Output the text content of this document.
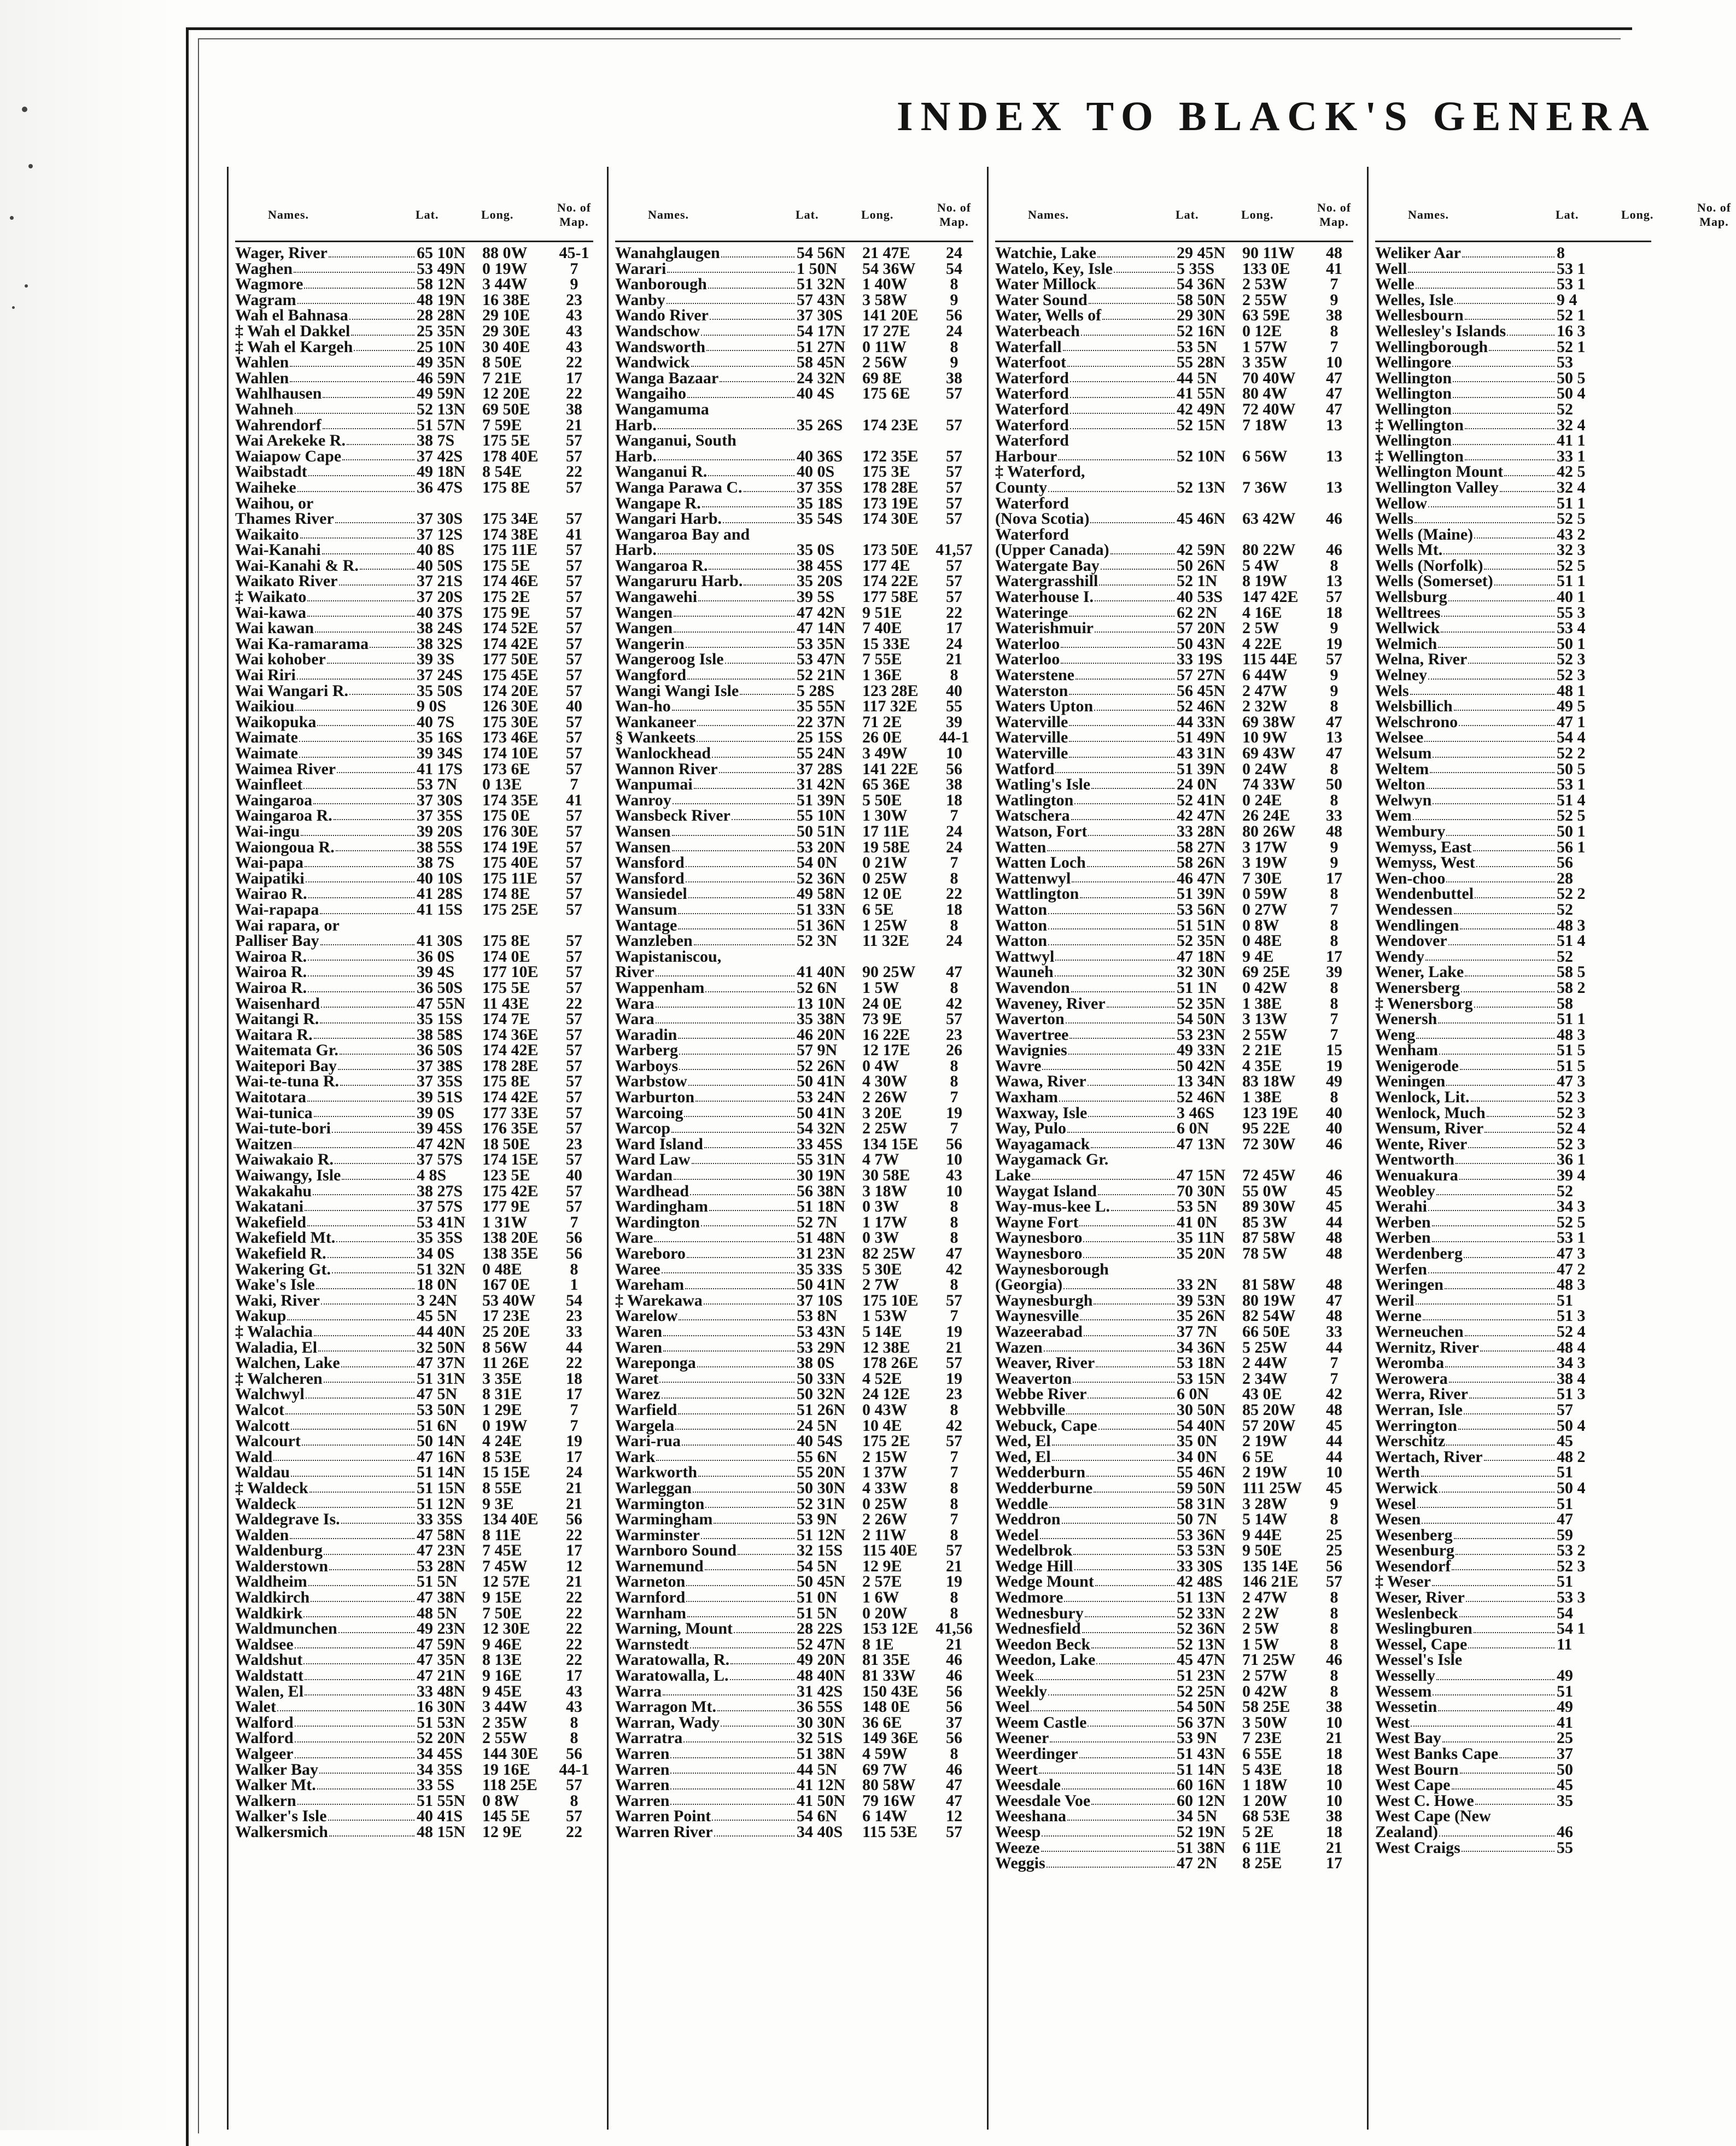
INDEX TO BLACK'S GENERA
Names.	Lat.	Long.
No. of Map.
Wager, River	65 10N	88 0W	45-1
Waghen	53 49N	0 19W	7
Wagmore	58 12N	3 44W	9
Wagram	48 19N	16 38E	23
Wah el Bahnasa	28 28N	29 10E	43
‡ Wah el Dakkel	25 35N	29 30E	43
‡ Wah el Kargeh	25 10N	30 40E	43
Wahlen	49 35N	8 50E	22
Wahlen	46 59N	7 21E	17
Wahlhausen	49 59N	12 20E	22
Wahneh	52 13N	69 50E	38
Wahrendorf	51 57N	7 59E	21
Wai Arekeke R.	38 7S	175 5E	57
Waiapow Cape	37 42S	178 40E	57
Waibstadt	49 18N	8 54E	22
Waiheke	36 47S	175 8E	57
Waihou, or
Thames River	37 30S	175 34E	57
Waikaito	37 12S	174 38E	41
Wai-Kanahi	40 8S	175 11E	57
Wai-Kanahi & R.	40 50S	175 5E	57
Waikato River	37 21S	174 46E	57
‡ Waikato	37 20S	175 2E	57
Wai-kawa	40 37S	175 9E	57
Wai kawan	38 24S	174 52E	57
Wai Ka-ramarama	38 32S	174 42E	57
Wai kohober	39 3S	177 50E	57
Wai Riri	37 24S	175 45E	57
Wai Wangari R.	35 50S	174 20E	57
Waikiou	9 0S	126 30E	40
Waikopuka	40 7S	175 30E	57
Waimate	35 16S	173 46E	57
Waimate	39 34S	174 10E	57
Waimea River	41 17S	173 6E	57
Wainfleet	53 7N	0 13E	7
Waingaroa	37 30S	174 35E	41
Waingaroa R.	37 35S	175 0E	57
Wai-ingu	39 20S	176 30E	57
Waiongoua R.	38 55S	174 19E	57
Wai-papa	38 7S	175 40E	57
Waipatiki	40 10S	175 11E	57
Wairao R.	41 28S	174 8E	57
Wai-rapapa	41 15S	175 25E	57
Wai rapara, or
Palliser Bay	41 30S	175 8E	57
Wairoa R.	36 0S	174 0E	57
Wairoa R.	39 4S	177 10E	57
Wairoa R.	36 50S	175 5E	57
Waisenhard	47 55N	11 43E	22
Waitangi R.	35 15S	174 7E	57
Waitara R.	38 58S	174 36E	57
Waitemata Gr.	36 50S	174 42E	57
Waitepori Bay	37 38S	178 28E	57
Wai-te-tuna R.	37 35S	175 8E	57
Waitotara	39 51S	174 42E	57
Wai-tunica	39 0S	177 33E	57
Wai-tute-bori	39 45S	176 35E	57
Waitzen	47 42N	18 50E	23
Waiwakaio R.	37 57S	174 15E	57
Waiwangy, Isle	4 8S	123 5E	40
Wakakahu	38 27S	175 42E	57
Wakatani	37 57S	177 9E	57
Wakefield	53 41N	1 31W	7
Wakefield Mt.	35 35S	138 20E	56
Wakefield R.	34 0S	138 35E	56
Wakering Gt.	51 32N	0 48E	8
Wake's Isle	18 0N	167 0E	1
Waki, River	3 24N	53 40W	54
Wakup	45 5N	17 23E	23
‡ Walachia	44 40N	25 20E	33
Waladia, El	32 50N	8 56W	44
Walchen, Lake	47 37N	11 26E	22
‡ Walcheren	51 31N	3 35E	18
Walchwyl	47 5N	8 31E	17
Walcot	53 50N	1 29E	7
Walcott	51 6N	0 19W	7
Walcourt	50 14N	4 24E	19
Wald	47 16N	8 53E	17
Waldau	51 14N	15 15E	24
‡ Waldeck	51 15N	8 55E	21
Waldeck	51 12N	9 3E	21
Waldegrave Is.	33 35S	134 40E	56
Walden	47 58N	8 11E	22
Waldenburg	47 23N	7 45E	17
Walderstown	53 28N	7 45W	12
Waldheim	51 5N	12 57E	21
Waldkirch	47 38N	9 15E	22
Waldkirk	48 5N	7 50E	22
Waldmunchen	49 23N	12 30E	22
Waldsee	47 59N	9 46E	22
Waldshut	47 35N	8 13E	22
Waldstatt	47 21N	9 16E	17
Walen, El	33 48N	9 45E	43
Walet	16 30N	3 44W	43
Walford	51 53N	2 35W	8
Walford	52 20N	2 55W	8
Walgeer	34 45S	144 30E	56
Walker Bay	34 35S	19 16E	44-1
Walker Mt.	33 5S	118 25E	57
Walkern	51 55N	0 8W	8
Walker's Isle	40 41S	145 5E	57
Walkersmich	48 15N	12 9E	22
Names.	Lat.	Long.
No. of Map.
Wanahglaugen	54 56N	21 47E	24
Warari	1 50N	54 36W	54
Wanborough	51 32N	1 40W	8
Wanby	57 43N	3 58W	9
Wando River	37 30S	141 20E	56
Wandschow	54 17N	17 27E	24
Wandsworth	51 27N	0 11W	8
Wandwick	58 45N	2 56W	9
Wanga Bazaar	24 32N	69 8E	38
Wangaiho	40 4S	175 6E	57
Wangamuma
Harb.	35 26S	174 23E	57
Wanganui, South
Harb.	40 36S	172 35E	57
Wanganui R.	40 0S	175 3E	57
Wanga Parawa C.	37 35S	178 28E	57
Wangape R.	35 18S	173 19E	57
Wangari Harb.	35 54S	174 30E	57
Wangaroa Bay and
Harb.	35 0S	173 50E	41,57
Wangaroa R.	38 45S	177 4E	57
Wangaruru Harb.	35 20S	174 22E	57
Wangawehi	39 5S	177 58E	57
Wangen	47 42N	9 51E	22
Wangen	47 14N	7 40E	17
Wangerin	53 35N	15 33E	24
Wangeroog Isle	53 47N	7 55E	21
Wangford	52 21N	1 36E	8
Wangi Wangi Isle	5 28S	123 28E	40
Wan-ho	35 55N	117 32E	55
Wankaneer	22 37N	71 2E	39
§ Wankeets	25 15S	26 0E	44-1
Wanlockhead	55 24N	3 49W	10
Wannon River	37 28S	141 22E	56
Wanpumai	31 42N	65 36E	38
Wanroy	51 39N	5 50E	18
Wansbeck River	55 10N	1 30W	7
Wansen	50 51N	17 11E	24
Wansen	53 20N	19 58E	24
Wansford	54 0N	0 21W	7
Wansford	52 36N	0 25W	8
Wansiedel	49 58N	12 0E	22
Wansum	51 33N	6 5E	18
Wantage	51 36N	1 25W	8
Wanzleben	52 3N	11 32E	24
Wapistaniscou,
River	41 40N	90 25W	47
Wappenham	52 6N	1 5W	8
Wara	13 10N	24 0E	42
Wara	35 38N	73 9E	57
Waradin	46 20N	16 22E	23
Warberg	57 9N	12 17E	26
Warboys	52 26N	0 4W	8
Warbstow	50 41N	4 30W	8
Warburton	53 24N	2 26W	7
Warcoing	50 41N	3 20E	19
Warcop	54 32N	2 25W	7
Ward Island	33 45S	134 15E	56
Ward Law	55 31N	4 7W	10
Wardan	30 19N	30 58E	43
Wardhead	56 38N	3 18W	10
Wardingham	51 18N	0 3W	8
Wardington	52 7N	1 17W	8
Ware	51 48N	0 3W	8
Wareboro	31 23N	82 25W	47
Waree	35 33S	5 30E	42
Wareham	50 41N	2 7W	8
‡ Warekawa	37 10S	175 10E	57
Warelow	53 8N	1 53W	7
Waren	53 43N	5 14E	19
Waren	53 29N	12 38E	21
Wareponga	38 0S	178 26E	57
Waret	50 33N	4 52E	19
Warez	50 32N	24 12E	23
Warfield	51 26N	0 43W	8
Wargela	24 5N	10 4E	42
Wari-rua	40 54S	175 2E	57
Wark	55 6N	2 15W	7
Warkworth	55 20N	1 37W	7
Warleggan	50 30N	4 33W	8
Warmington	52 31N	0 25W	8
Warmingham	53 9N	2 26W	7
Warminster	51 12N	2 11W	8
Warnboro Sound	32 15S	115 40E	57
Warnemund	54 5N	12 9E	21
Warneton	50 45N	2 57E	19
Warnford	51 0N	1 6W	8
Warnham	51 5N	0 20W	8
Warning, Mount	28 22S	153 12E	41,56
Warnstedt	52 47N	8 1E	21
Waratowalla, R.	49 20N	81 35E	46
Waratowalla, L.	48 40N	81 33W	46
Warra	31 42S	150 43E	56
Warragon Mt.	36 55S	148 0E	56
Warran, Wady	30 30N	36 6E	37
Warratra	32 51S	149 36E	56
Warren	51 38N	4 59W	8
Warren	44 5N	69 7W	46
Warren	41 12N	80 58W	47
Warren	41 50N	79 16W	47
Warren Point	54 6N	6 14W	12
Warren River	34 40S	115 53E	57
Names.	Lat.	Long.
No. of Map.
Watchie, Lake	29 45N	90 11W	48
Watelo, Key, Isle	5 35S	133 0E	41
Water Millock	54 36N	2 53W	7
Water Sound	58 50N	2 55W	9
Water, Wells of	29 30N	63 59E	38
Waterbeach	52 16N	0 12E	8
Waterfall	53 5N	1 57W	7
Waterfoot	55 28N	3 35W	10
Waterford	44 5N	70 40W	47
Waterford	41 55N	80 4W	47
Waterford	42 49N	72 40W	47
Waterford	52 15N	7 18W	13
Waterford
Harbour	52 10N	6 56W	13
‡ Waterford,
County	52 13N	7 36W	13
Waterford
(Nova Scotia)	45 46N	63 42W	46
Waterford
(Upper Canada)	42 59N	80 22W	46
Watergate Bay	50 26N	5 4W	8
Watergrasshill	52 1N	8 19W	13
Waterhouse I.	40 53S	147 42E	57
Wateringe	62 2N	4 16E	18
Waterishmuir	57 20N	2 5W	9
Waterloo	50 43N	4 22E	19
Waterloo	33 19S	115 44E	57
Waterstene	57 27N	6 44W	9
Waterston	56 45N	2 47W	9
Waters Upton	52 46N	2 32W	8
Waterville	44 33N	69 38W	47
Waterville	51 49N	10 9W	13
Waterville	43 31N	69 43W	47
Watford	51 39N	0 24W	8
Watling's Isle	24 0N	74 33W	50
Watlington	52 41N	0 24E	8
Watschera	42 47N	26 24E	33
Watson, Fort	33 28N	80 26W	48
Watten	58 27N	3 17W	9
Watten Loch	58 26N	3 19W	9
Wattenwyl	46 47N	7 30E	17
Wattlington	51 39N	0 59W	8
Watton	53 56N	0 27W	7
Watton	51 51N	0 8W	8
Watton	52 35N	0 48E	8
Wattwyl	47 18N	9 4E	17
Wauneh	32 30N	69 25E	39
Wavendon	51 1N	0 42W	8
Waveney, River	52 35N	1 38E	8
Waverton	54 50N	3 13W	7
Wavertree	53 23N	2 55W	7
Wavignies	49 33N	2 21E	15
Wavre	50 42N	4 35E	19
Wawa, River	13 34N	83 18W	49
Waxham	52 46N	1 38E	8
Waxway, Isle	3 46S	123 19E	40
Way, Pulo	6 0N	95 22E	40
Wayagamack	47 13N	72 30W	46
Waygamack Gr.
Lake	47 15N	72 45W	46
Waygat Island	70 30N	55 0W	45
Way-mus-kee L.	53 5N	89 30W	45
Wayne Fort	41 0N	85 3W	44
Waynesboro	35 11N	87 58W	48
Waynesboro	35 20N	78 5W	48
Waynesborough
(Georgia)	33 2N	81 58W	48
Waynesburgh	39 53N	80 19W	47
Waynesville	35 26N	82 54W	48
Wazeerabad	37 7N	66 50E	33
Wazen	34 36N	5 25W	44
Weaver, River	53 18N	2 44W	7
Weaverton	53 15N	2 34W	7
Webbe River	6 0N	43 0E	42
Webbville	30 50N	85 20W	48
Webuck, Cape	54 40N	57 20W	45
Wed, El	35 0N	2 19W	44
Wed, El	34 0N	6 5E	44
Wedderburn	55 46N	2 19W	10
Wedderburne	59 50N	111 25W	45
Weddle	58 31N	3 28W	9
Weddron	50 7N	5 14W	8
Wedel	53 36N	9 44E	25
Wedelbrok	53 53N	9 50E	25
Wedge Hill	33 30S	135 14E	56
Wedge Mount	42 48S	146 21E	57
Wedmore	51 13N	2 47W	8
Wednesbury	52 33N	2 2W	8
Wednesfield	52 36N	2 5W	8
Weedon Beck	52 13N	1 5W	8
Weedon, Lake	45 47N	71 25W	46
Week	51 23N	2 57W	8
Weekly	52 25N	0 42W	8
Weel	54 50N	58 25E	38
Weem Castle	56 37N	3 50W	10
Weener	53 9N	7 23E	21
Weerdinger	51 43N	6 55E	18
Weert	51 14N	5 43E	18
Weesdale	60 16N	1 18W	10
Weesdale Voe	60 12N	1 20W	10
Weeshana	34 5N	68 53E	38
Weesp	52 19N	5 2E	18
Weeze	51 38N	6 11E	21
Weggis	47 2N	8 25E	17
Names.	Lat.	Long.
No. of Map.
Weliker Aar	8
Well	53 1
Welle	53 1
Welles, Isle	9 4
Wellesbourn	52 1
Wellesley's Islands	16 3
Wellingborough	52 1
Wellingore	53
Wellington	50 5
Wellington	50 4
Wellington	52
‡ Wellington	32 4
Wellington	41 1
‡ Wellington	33 1
Wellington Mount	42 5
Wellington Valley	32 4
Wellow	51 1
Wells	52 5
Wells (Maine)	43 2
Wells Mt.	32 3
Wells (Norfolk)	52 5
Wells (Somerset)	51 1
Wellsburg	40 1
Welltrees	55 3
Wellwick	53 4
Welmich	50 1
Welna, River	52 3
Welney	52 3
Wels	48 1
Welsbillich	49 5
Welschrono	47 1
Welsee	54 4
Welsum	52 2
Weltem	50 5
Welton	53 1
Welwyn	51 4
Wem	52 5
Wembury	50 1
Wemyss, East	56 1
Wemyss, West	56
Wen-choo	28
Wendenbuttel	52 2
Wendessen	52
Wendlingen	48 3
Wendover	51 4
Wendy	52
Wener, Lake	58 5
Wenersberg	58 2
‡ Wenersborg	58
Wenersh	51 1
Weng	48 3
Wenham	51 5
Wenigerode	51 5
Weningen	47 3
Wenlock, Lit.	52 3
Wenlock, Much	52 3
Wensum, River	52 4
Wente, River	52 3
Wentworth	36 1
Wenuakura	39 4
Weobley	52
Werahi	34 3
Werben	52 5
Werben	53 1
Werdenberg	47 3
Werfen	47 2
Weringen	48 3
Weril	51
Werne	51 3
Werneuchen	52 4
Wernitz, River	48 4
Weromba	34 3
Werowera	38 4
Werra, River	51 3
Werran, Isle	57
Werrington	50 4
Werschitz	45
Wertach, River	48 2
Werth	51
Werwick	50 4
Wesel	51
Wesen	47
Wesenberg	59
Wesenburg	53 2
Wesendorf	52 3
‡ Weser	51
Weser, River	53 3
Weslenbeck	54
Weslingburen	54 1
Wessel, Cape	11
Wessel's Isle
Wesselly	49
Wessem	51
Wessetin	49
West	41
West Bay	25
West Banks Cape	37
West Bourn	50
West Cape	45
West C. Howe	35
West Cape (New
Zealand)	46
West Craigs	55
